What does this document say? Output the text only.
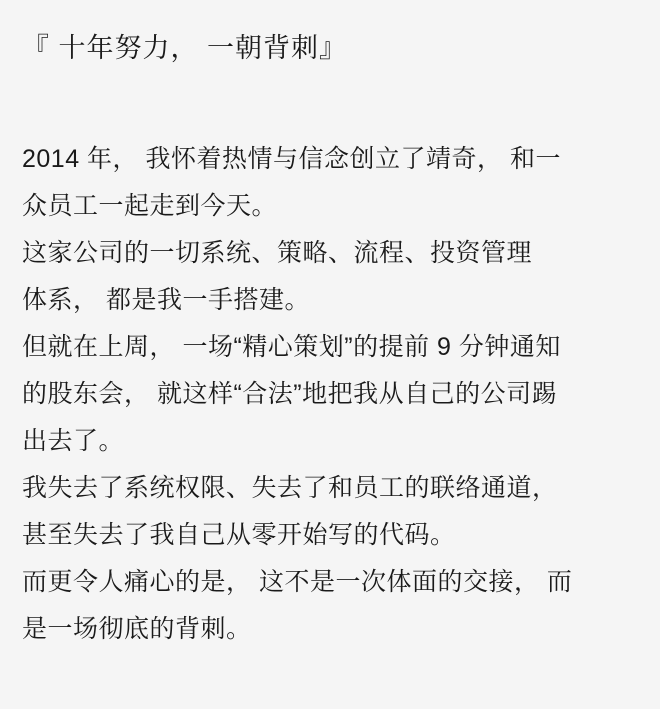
『 十年努力， 一朝背刺』
2014 年， 我怀着热情与信念创立了靖奇， 和一
众员工一起走到今天。
这家公司的一切系统、策略、流程、投资管理
体系， 都是我一手搭建。
但就在上周， 一场“精心策划”的提前 9 分钟通知
的股东会， 就这样“合法”地把我从自己的公司踢
出去了。
我失去了系统权限、失去了和员工的联络通道，
甚至失去了我自己从零开始写的代码。
而更令人痛心的是， 这不是一次体面的交接， 而
是一场彻底的背刺。
